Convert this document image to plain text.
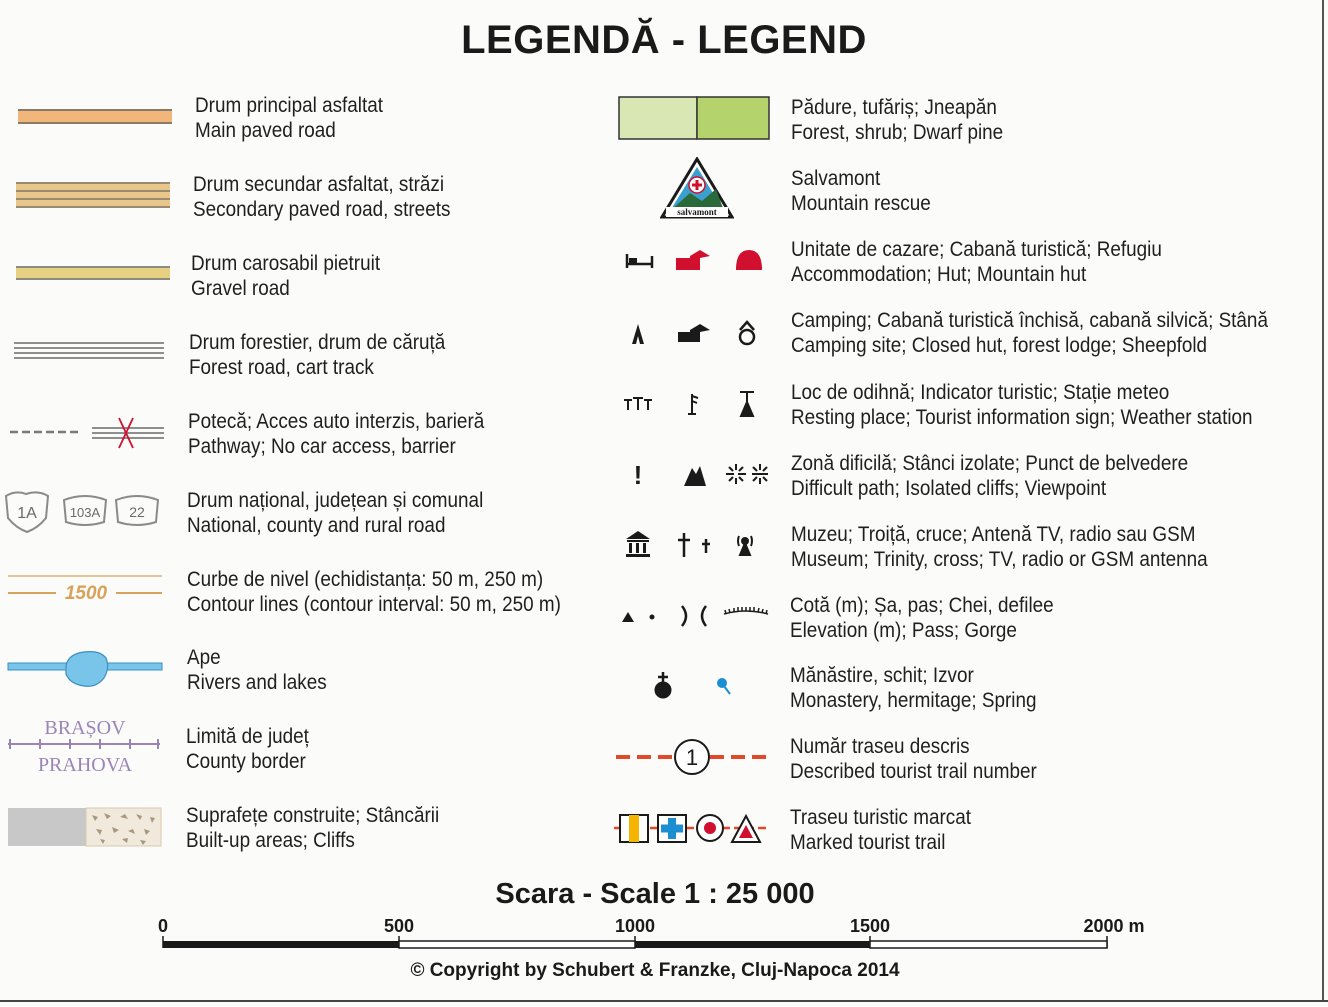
LEGENDĂ - LEGEND
Drum principal asfaltat
Main paved road
Drum secundar asfaltat, străzi
Secondary paved road, streets
Drum carosabil pietruit
Gravel road
Drum forestier, drum de căruță
Forest road, cart track
Potecă; Acces auto interzis, barieră
Pathway; No car access, barrier
1A	103A 22 Drum național, județean și comunal
National, county and rural road
1500
Curbe de nivel (echidistanța: 50 m, 250 m)
Contour lines (contour interval: 50 m, 250 m)
Ape
Rivers and lakes
BRAȘOV
PRAHOVA
Limită de județ
County border
Suprafețe construite; Stâncării
Built-up areas; Cliffs
Pădure, tufăriș; Jneapăn
Forest, shrub; Dwarf pine
salvamont
Salvamont
Mountain rescue
Unitate de cazare; Cabană turistică; Refugiu
Accommodation; Hut; Mountain hut
Camping; Cabană turistică închisă, cabană silvică; Stână
Camping site; Closed hut, forest lodge; Sheepfold
Loc de odihnă; Indicator turistic; Stație meteo
Resting place; Tourist information sign; Weather station
!	Zonă dificilă; Stânci izolate; Punct de belvedere
Difficult path; Isolated cliffs; Viewpoint
Muzeu; Troiță, cruce; Antenă TV, radio sau GSM
Museum; Trinity, cross; TV, radio or GSM antenna
Cotă (m); Șa, pas; Chei, defilee
Elevation (m); Pass; Gorge
Mănăstire, schit; Izvor
Monastery, hermitage; Spring
1	Număr traseu descris
Described tourist trail number
Traseu turistic marcat
Marked tourist trail
Scara - Scale 1 : 25 000
0	500	1000	1500	2000 m
© Copyright by Schubert & Franzke, Cluj-Napoca 2014
